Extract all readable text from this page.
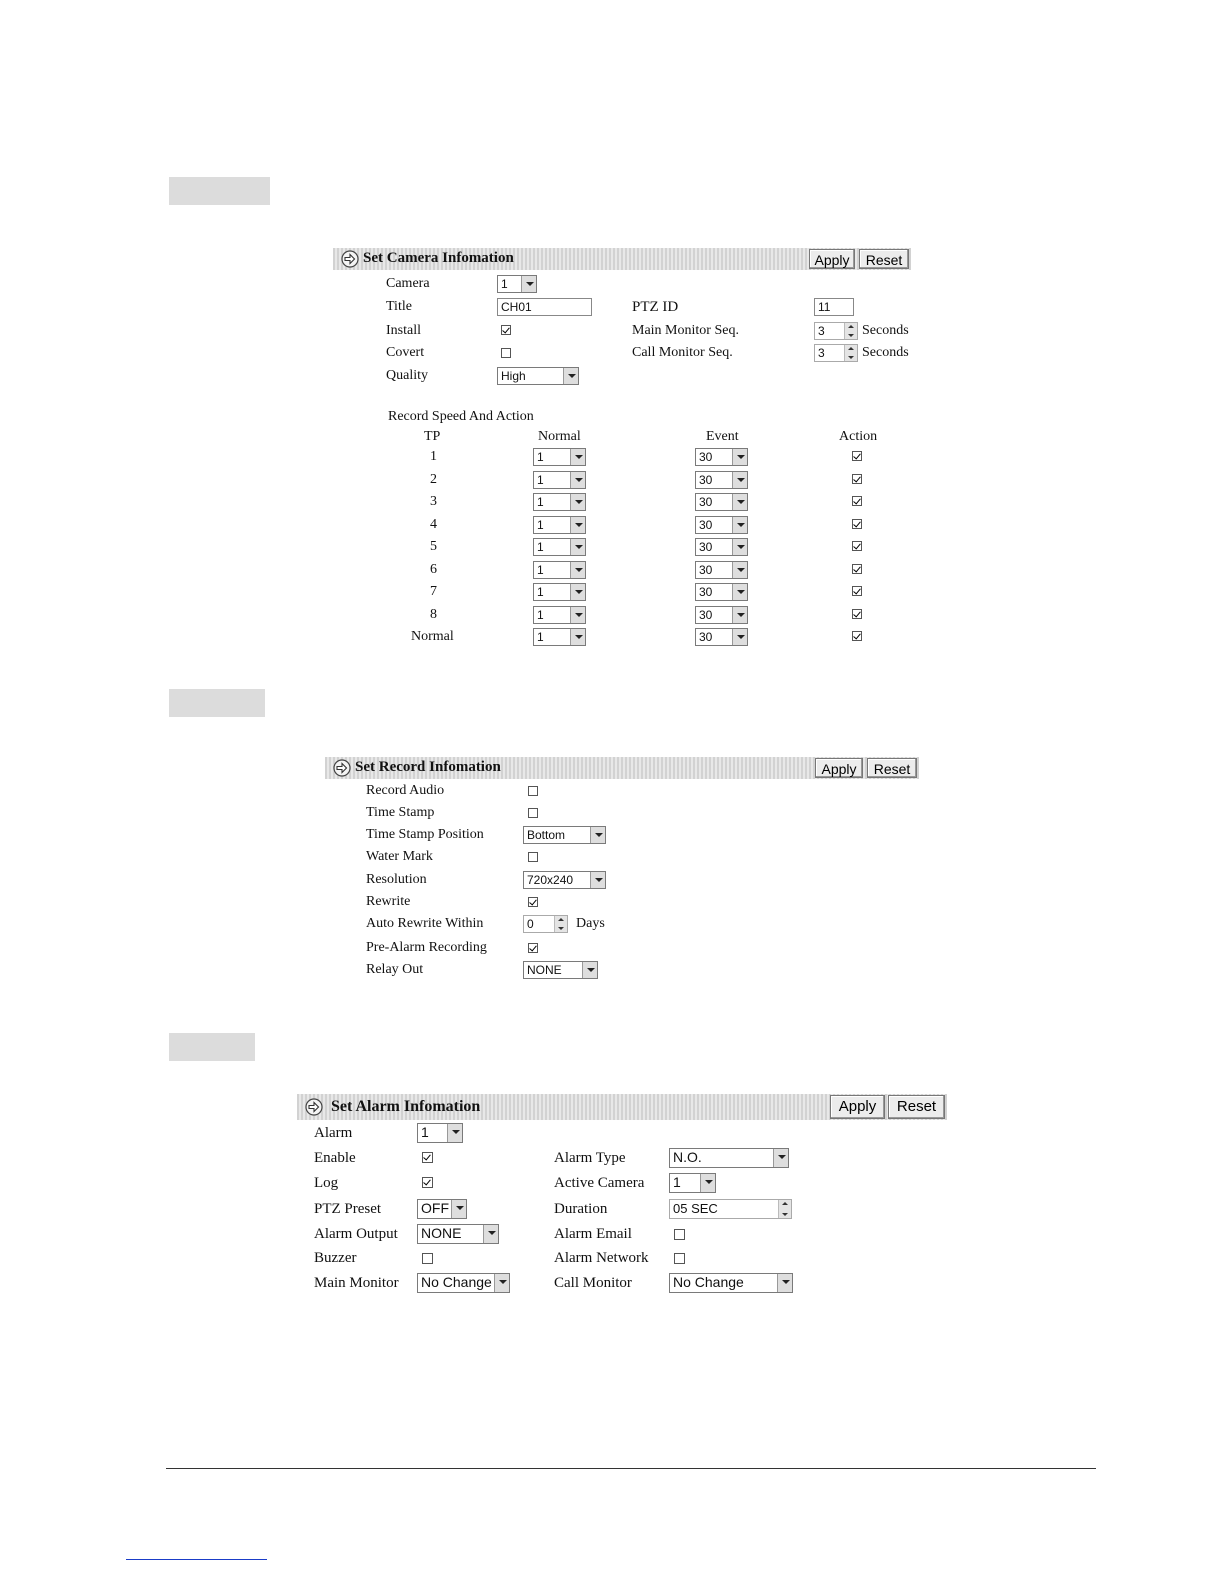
Set Camera Infomation	Apply	Reset
Camera	1
Title	CH01
Install
Covert
Quality	High
PTZ ID	11
Main Monitor Seq.	3	Seconds
Call Monitor Seq.	3	Seconds
Record Speed And Action
TP	Normal	Event	Action
1	1	30
2	1	30
3	1	30
4	1	30
5	1	30
6	1	30
7	1	30
8	1	30
Normal	1	30
Set Record Infomation	Apply	Reset
Record Audio
Time Stamp
Time Stamp Position	Bottom
Water Mark
Resolution	720x240
Rewrite
Auto Rewrite Within	0	Days
Pre-Alarm Recording
Relay Out	NONE
Set Alarm Infomation	Apply	Reset
Alarm	1
Enable
Log
PTZ Preset	OFF
Alarm Output NONE
Buzzer
Main Monitor No Change
Alarm Type	N.O.
Active Camera 1
Duration	05 SEC
Alarm Email
Alarm Network
Call Monitor	No Change
